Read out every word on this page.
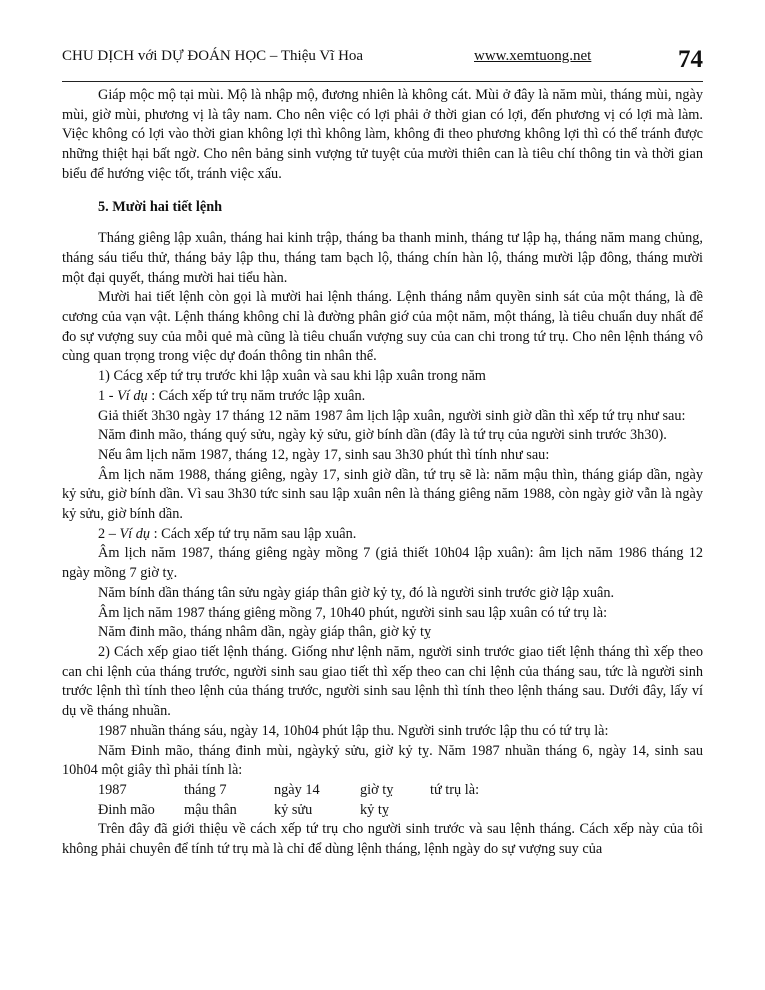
CHU DỊCH với DỰ ĐOÁN HỌC – Thiệu Vĩ Hoa	www.xemtuong.net	74

Giáp mộc mộ tại mùi. Mộ là nhập mộ, đương nhiên là không cát. Mùi ở đây là năm mùi, tháng mùi, ngày mùi, giờ mùi, phương vị là tây nam. Cho nên việc có lợi phải ở thời gian có lợi, đến phương vị có lợi mà làm. Việc không có lợi vào thời gian không lợi thì không làm, không đi theo phương không lợi thì có thể tránh được những thiệt hại bất ngờ. Cho nên bảng sinh vượng tử tuyệt của mười thiên can là tiêu chí thông tin và thời gian biểu để hướng việc tốt, tránh việc xấu.

5. Mười hai tiết lệnh

Tháng giêng lập xuân, tháng hai kinh trập, tháng ba thanh minh, tháng tư lập hạ, tháng năm mang chủng, tháng sáu tiểu thử, tháng bảy lập thu, tháng tam bạch lộ, tháng chín hàn lộ, tháng mười lập đông, tháng mười một đại quyết, tháng mười hai tiểu hàn.

Mười hai tiết lệnh còn gọi là mười hai lệnh tháng. Lệnh tháng nắm quyền sinh sát của một tháng, là đề cương của vạn vật. Lệnh tháng không chỉ là đường phân giớ của một năm, một tháng, là tiêu chuẩn duy nhất để đo sự vượng suy của mỗi quẻ mà cũng là tiêu chuẩn vượng suy của can chi trong tứ trụ. Cho nên lệnh tháng vô cùng quan trọng trong việc dự đoán thông tin nhân thể.

1) Cácg xếp tứ trụ trước khi lập xuân và sau khi lập xuân trong năm

1 - Ví dụ : Cách xếp tứ trụ năm trước lập xuân.

Giả thiết 3h30 ngày 17 tháng 12 năm 1987 âm lịch lập xuân, người sinh giờ dần thì xếp tứ trụ như sau:

Năm đinh mão, tháng quý sửu, ngày kỷ sửu, giờ bính dần (đây là tứ trụ của người sinh trước 3h30).

Nếu âm lịch năm 1987, tháng 12, ngày 17, sinh sau 3h30 phút thì tính như sau:

Âm lịch năm 1988, tháng giêng, ngày 17, sinh giờ dần, tứ trụ sẽ là: năm mậu thìn, tháng giáp dần, ngày kỷ sửu, giờ bính dần. Vì sau 3h30 tức sinh sau lập xuân nên là tháng giêng năm 1988, còn ngày giờ vẫn là ngày kỷ sửu, giờ bính dần.

2 – Ví dụ : Cách xếp tứ trụ năm sau lập xuân.

Âm lịch năm 1987, tháng giêng ngày mồng 7 (giả thiết 10h04 lập xuân): âm lịch năm 1986 tháng 12 ngày mồng 7 giờ tỵ.

Năm bính dần tháng tân sửu ngày giáp thân giờ kỷ tỵ, đó là người sinh trước giờ lập xuân.

Âm lịch năm 1987 tháng giêng mồng 7, 10h40 phút, người sinh sau lập xuân có tứ trụ là:

Năm đinh mão, tháng nhâm dần, ngày giáp thân, giờ kỷ tỵ

2) Cách xếp giao tiết lệnh tháng. Giống như lệnh năm, người sinh trước giao tiết lệnh tháng thì xếp theo can chi lệnh của tháng trước, người sinh sau giao tiết thì xếp theo can chi lệnh của tháng sau, tức là người sinh trước lệnh thì tính theo lệnh của tháng trước, người sinh sau lệnh thì tính theo lệnh tháng sau. Dưới đây, lấy ví dụ về tháng nhuần.

1987 nhuần tháng sáu, ngày 14, 10h04 phút lập thu. Người sinh trước lập thu có tứ trụ là:

Năm Đinh mão, tháng đinh mùi, ngàykỷ sửu, giờ kỷ tỵ. Năm 1987 nhuần tháng 6, ngày 14, sinh sau 10h04 một giây thì phải tính là:

1987	tháng 7	ngày 14	giờ tỵ	tứ trụ là:
Đinh mão	mậu thân	kỷ sửu	kỷ tỵ

Trên đây đã giới thiệu về cách xếp tứ trụ cho người sinh trước và sau lệnh tháng. Cách xếp này của tôi không phải chuyên để tính tứ trụ mà là chỉ để dùng lệnh tháng, lệnh ngày do sự vượng suy của
